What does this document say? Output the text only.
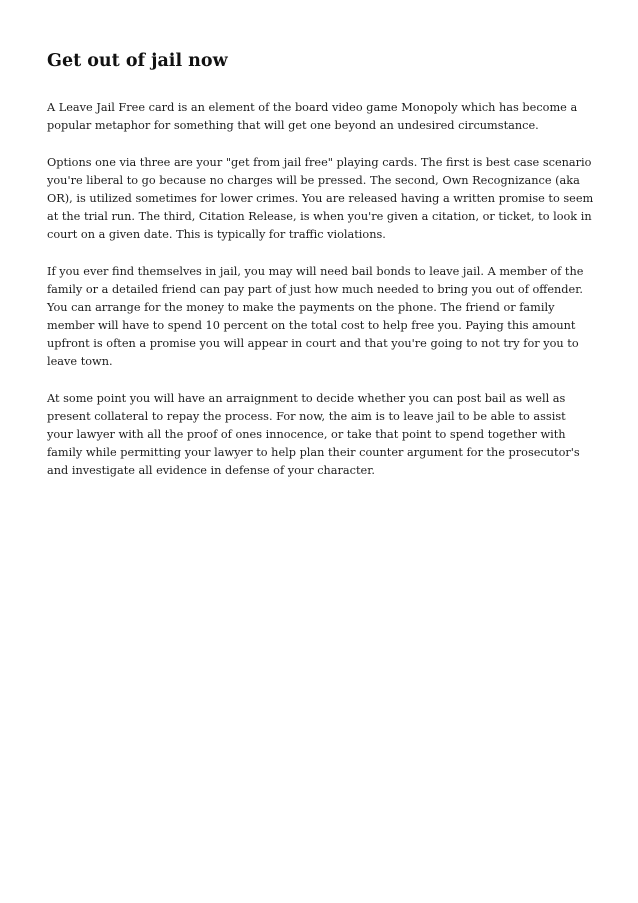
Get out of jail now

A Leave Jail Free card is an element of the board video game Monopoly which has become a popular metaphor for something that will get one beyond an undesired circumstance.

Options one via three are your "get from jail free" playing cards. The first is best case scenario you're liberal to go because no charges will be pressed. The second, Own Recognizance (aka OR), is utilized sometimes for lower crimes. You are released having a written promise to seem at the trial run. The third, Citation Release, is when you're given a citation, or ticket, to look in court on a given date. This is typically for traffic violations.

If you ever find themselves in jail, you may will need bail bonds to leave jail. A member of the family or a detailed friend can pay part of just how much needed to bring you out of offender. You can arrange for the money to make the payments on the phone. The friend or family member will have to spend 10 percent on the total cost to help free you. Paying this amount upfront is often a promise you will appear in court and that you're going to not try for you to leave town.

At some point you will have an arraignment to decide whether you can post bail as well as present collateral to repay the process. For now, the aim is to leave jail to be able to assist your lawyer with all the proof of ones innocence, or take that point to spend together with family while permitting your lawyer to help plan their counter argument for the prosecutor's and investigate all evidence in defense of your character.
